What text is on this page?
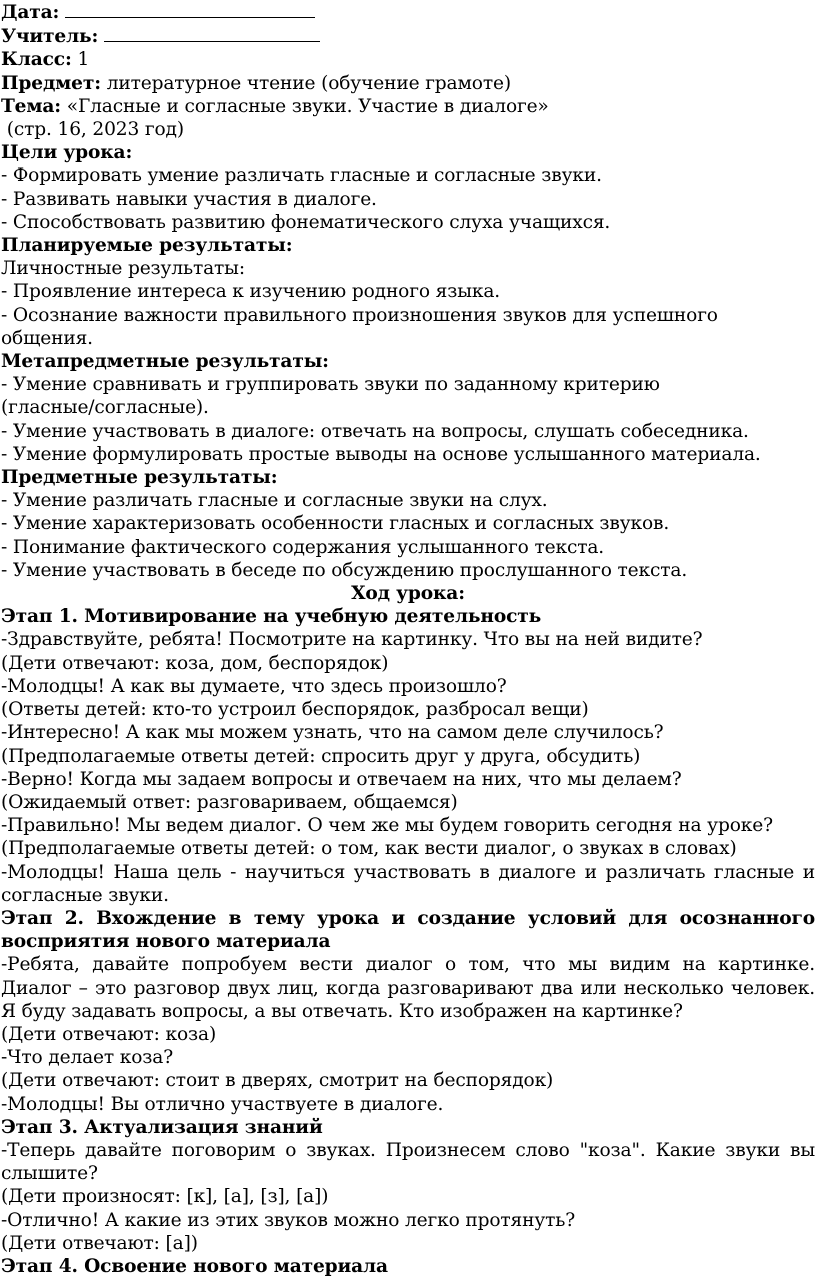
Дата:
Учитель:
Класс: 1
Предмет: литературное чтение (обучение грамоте)
Тема: «Гласные и согласные звуки. Участие в диалоге»
(стр. 16, 2023 год)
Цели урока:
- Формировать умение различать гласные и согласные звуки.
- Развивать навыки участия в диалоге.
- Способствовать развитию фонематического слуха учащихся.
Планируемые результаты:
Личностные результаты:
- Проявление интереса к изучению родного языка.
- Осознание важности правильного произношения звуков для успешного
общения.
Метапредметные результаты:
- Умение сравнивать и группировать звуки по заданному критерию
(гласные/согласные).
- Умение участвовать в диалоге: отвечать на вопросы, слушать собеседника.
- Умение формулировать простые выводы на основе услышанного материала.
Предметные результаты:
- Умение различать гласные и согласные звуки на слух.
- Умение характеризовать особенности гласных и согласных звуков.
- Понимание фактического содержания услышанного текста.
- Умение участвовать в беседе по обсуждению прослушанного текста.
Ход урока:
Этап 1. Мотивирование на учебную деятельность
-Здравствуйте, ребята! Посмотрите на картинку. Что вы на ней видите?
(Дети отвечают: коза, дом, беспорядок)
-Молодцы! А как вы думаете, что здесь произошло?
(Ответы детей: кто-то устроил беспорядок, разбросал вещи)
-Интересно! А как мы можем узнать, что на самом деле случилось?
(Предполагаемые ответы детей: спросить друг у друга, обсудить)
-Верно! Когда мы задаем вопросы и отвечаем на них, что мы делаем?
(Ожидаемый ответ: разговариваем, общаемся)
-Правильно! Мы ведем диалог. О чем же мы будем говорить сегодня на уроке?
(Предполагаемые ответы детей: о том, как вести диалог, о звуках в словах)
-Молодцы! Наша цель - научиться участвовать в диалоге и различать гласные и
согласные звуки.
Этап 2. Вхождение в тему урока и создание условий для осознанного
восприятия нового материала
-Ребята, давайте попробуем вести диалог о том, что мы видим на картинке.
Диалог – это разговор двух лиц, когда разговаривают два или несколько человек.
Я буду задавать вопросы, а вы отвечать. Кто изображен на картинке?
(Дети отвечают: коза)
-Что делает коза?
(Дети отвечают: стоит в дверях, смотрит на беспорядок)
-Молодцы! Вы отлично участвуете в диалоге.
Этап 3. Актуализация знаний
-Теперь давайте поговорим о звуках. Произнесем слово "коза". Какие звуки вы
слышите?
(Дети произносят: [к], [а], [з], [а])
-Отлично! А какие из этих звуков можно легко протянуть?
(Дети отвечают: [а])
Этап 4. Освоение нового материала
